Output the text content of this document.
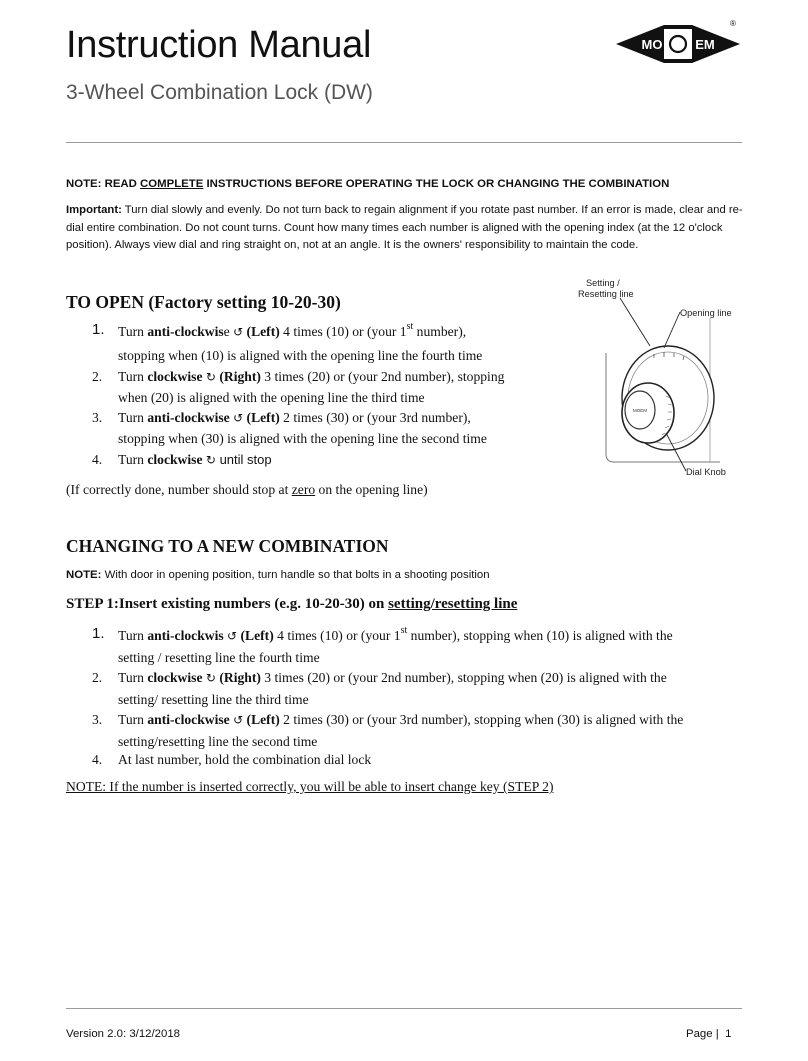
Instruction Manual
3-Wheel Combination Lock (DW)
MO	EM
®
NOTE: READ COMPLETE INSTRUCTIONS BEFORE OPERATING THE LOCK OR CHANGING THE COMBINATION
Important: Turn dial slowly and evenly. Do not turn back to regain alignment if you rotate past number. If an error is made, clear and re-dial entire combination. Do not count turns. Count how many times each number is aligned with the opening index (at the 12 o'clock position). Always view dial and ring straight on, not at an angle. It is the owners' responsibility to maintain the code.
TO OPEN (Factory setting 10-20-30)
1. Turn anti-clockwise ↺ (Left) 4 times (10) or (your 1st number),
stopping when (10) is aligned with the opening line the fourth time
2. Turn clockwise ↻ (Right) 3 times (20) or (your 2nd number), stopping
when (20) is aligned with the opening line the third time
3. Turn anti-clockwise ↺ (Left) 2 times (30) or (your 3rd number),
stopping when (30) is aligned with the opening line the second time
4. Turn clockwise ↻ until stop
(If correctly done, number should stop at zero on the opening line)
Setting /
Resetting line
Opening line
Dial Knob
MOEM
CHANGING TO A NEW COMBINATION
NOTE: With door in opening position, turn handle so that bolts in a shooting position
STEP 1:Insert existing numbers (e.g. 10-20-30) on setting/resetting line
1. Turn anti-clockwis ↺ (Left) 4 times (10) or (your 1st number), stopping when (10) is aligned with the
setting / resetting line the fourth time
2. Turn clockwise ↻ (Right) 3 times (20) or (your 2nd number), stopping when (20) is aligned with the
setting/ resetting line the third time
3. Turn anti-clockwise ↺ (Left) 2 times (30) or (your 3rd number), stopping when (30) is aligned with the
setting/resetting line the second time
4. At last number, hold the combination dial lock
NOTE: If the number is inserted correctly, you will be able to insert change key (STEP 2)
Version 2.0: 3/12/2018	Page | 1
